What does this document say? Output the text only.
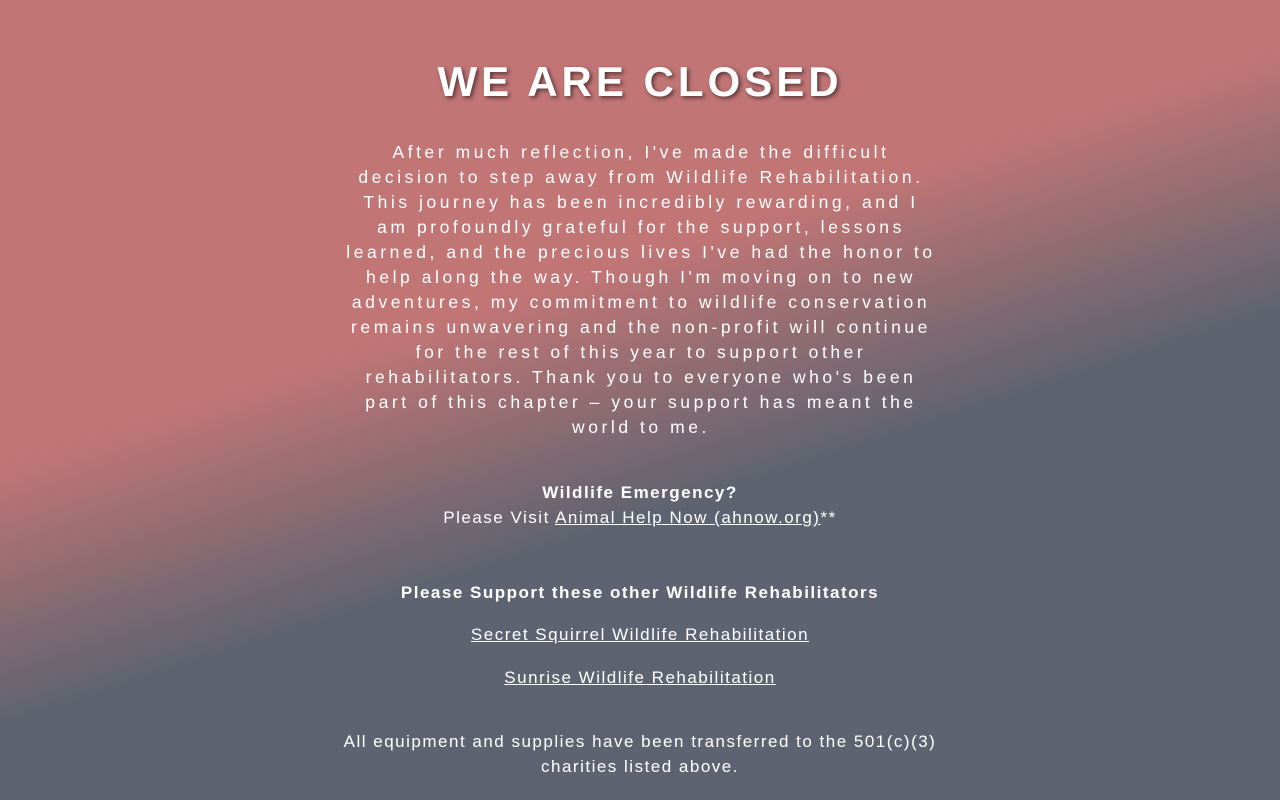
WE ARE CLOSED

After much reflection, I've made the difficult decision to step away from Wildlife Rehabilitation. This journey has been incredibly rewarding, and I am profoundly grateful for the support, lessons learned, and the precious lives I've had the honor to help along the way. Though I'm moving on to new adventures, my commitment to wildlife conservation remains unwavering and the non-profit will continue for the rest of this year to support other rehabilitators. Thank you to everyone who's been part of this chapter – your support has meant the world to me.

Wildlife Emergency?

Please Visit Animal Help Now (ahnow.org)**

Please Support these other Wildlife Rehabilitators

Secret Squirrel Wildlife Rehabilitation

Sunrise Wildlife Rehabilitation

All equipment and supplies have been transferred to the 501(c)(3) charities listed above.
